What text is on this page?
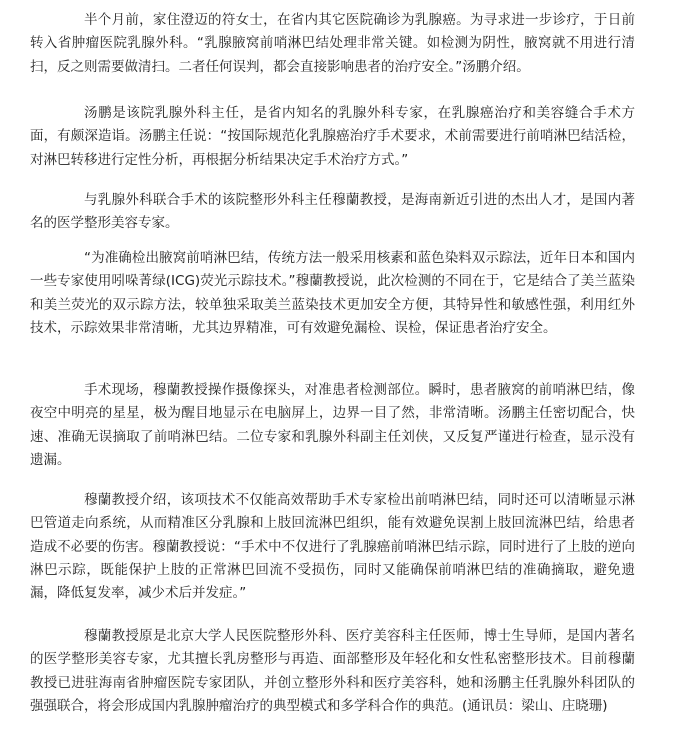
半个月前，家住澄迈的符女士，在省内其它医院确诊为乳腺癌。为寻求进一步诊疗，于日前转入省肿瘤医院乳腺外科。“乳腺腋窝前哨淋巴结处理非常关键。如检测为阴性，腋窝就不用进行清扫，反之则需要做清扫。二者任何误判，都会直接影响患者的治疗安全。”汤鹏介绍。

汤鹏是该院乳腺外科主任，是省内知名的乳腺外科专家，在乳腺癌治疗和美容缝合手术方面，有颇深造诣。汤鹏主任说：“按国际规范化乳腺癌治疗手术要求，术前需要进行前哨淋巴结活检，对淋巴转移进行定性分析，再根据分析结果决定手术治疗方式。”

与乳腺外科联合手术的该院整形外科主任穆蘭教授，是海南新近引进的杰出人才，是国内著名的医学整形美容专家。

“为准确检出腋窝前哨淋巴结，传统方法一般采用核素和蓝色染料双示踪法，近年日本和国内一些专家使用吲哚菁绿(ICG)荧光示踪技术。”穆蘭教授说，此次检测的不同在于，它是结合了美兰蓝染和美兰荧光的双示踪方法，较单独采取美兰蓝染技术更加安全方便，其特异性和敏感性强，利用红外技术，示踪效果非常清晰，尤其边界精准，可有效避免漏检、误检，保证患者治疗安全。

手术现场，穆蘭教授操作摄像探头，对准患者检测部位。瞬时，患者腋窝的前哨淋巴结，像夜空中明亮的星星，极为醒目地显示在电脑屏上，边界一目了然，非常清晰。汤鹏主任密切配合，快速、准确无误摘取了前哨淋巴结。二位专家和乳腺外科副主任刘侠，又反复严谨进行检查，显示没有遗漏。

穆蘭教授介绍，该项技术不仅能高效帮助手术专家检出前哨淋巴结，同时还可以清晰显示淋巴管道走向系统，从而精准区分乳腺和上肢回流淋巴组织，能有效避免误割上肢回流淋巴结，给患者造成不必要的伤害。穆蘭教授说：“手术中不仅进行了乳腺癌前哨淋巴结示踪，同时进行了上肢的逆向淋巴示踪，既能保护上肢的正常淋巴回流不受损伤，同时又能确保前哨淋巴结的准确摘取，避免遗漏，降低复发率，减少术后并发症。”

穆蘭教授原是北京大学人民医院整形外科、医疗美容科主任医师，博士生导师，是国内著名的医学整形美容专家，尤其擅长乳房整形与再造、面部整形及年轻化和女性私密整形技术。目前穆蘭教授已进驻海南省肿瘤医院专家团队，并创立整形外科和医疗美容科，她和汤鹏主任乳腺外科团队的强强联合，将会形成国内乳腺肿瘤治疗的典型模式和多学科合作的典范。(通讯员：梁山、庄晓珊)
